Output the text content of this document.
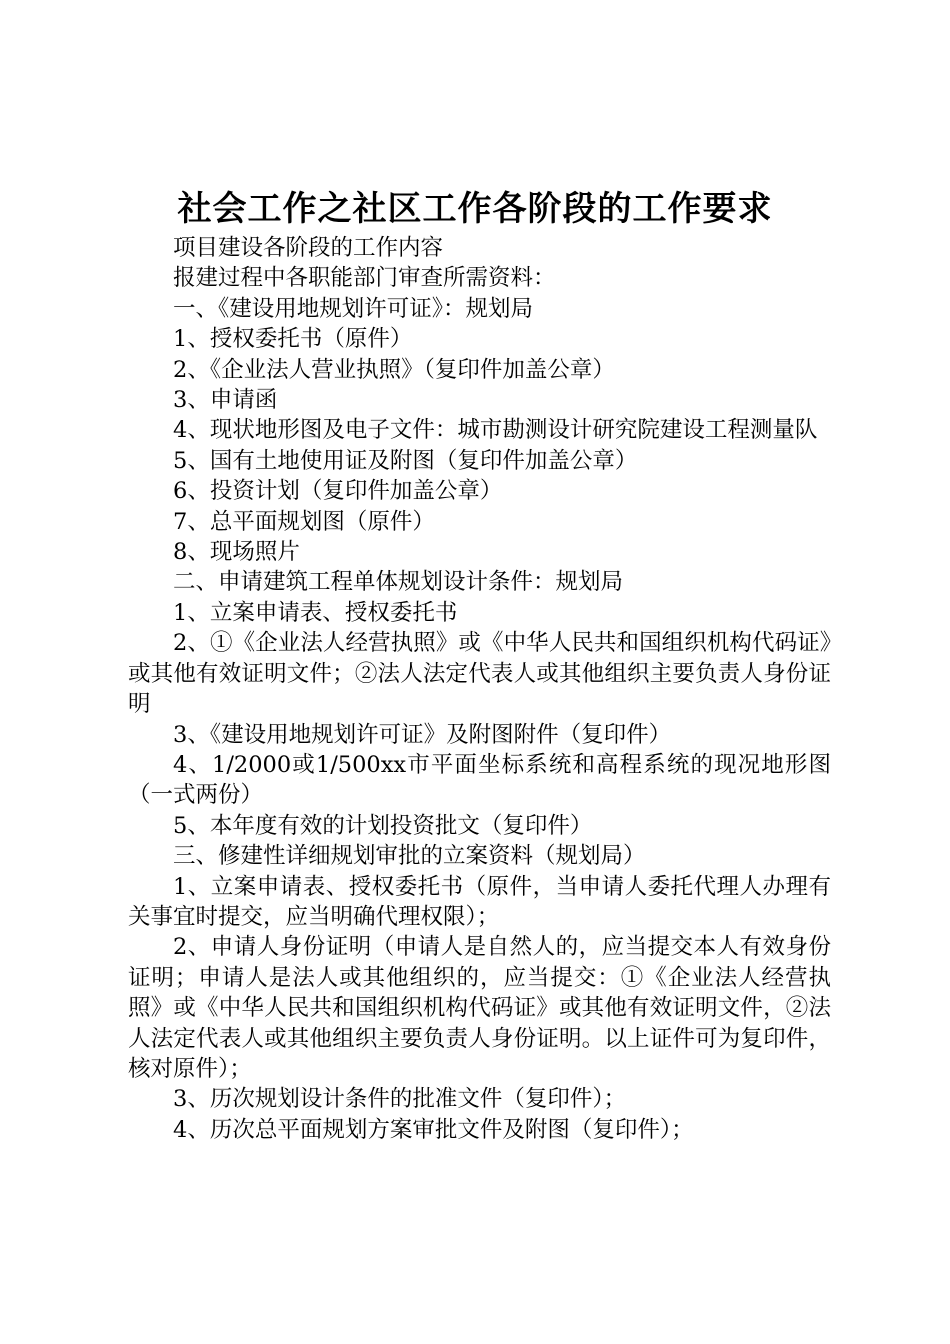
社会工作之社区工作各阶段的工作要求

项目建设各阶段的工作内容

报建过程中各职能部门审查所需资料：

一、《建设用地规划许可证》：规划局

1、授权委托书（原件）

2、《企业法人营业执照》（复印件加盖公章）

3、申请函

4、现状地形图及电子文件：城市勘测设计研究院建设工程测量队

5、国有土地使用证及附图（复印件加盖公章）

6、投资计划（复印件加盖公章）

7、总平面规划图（原件）

8、现场照片

二、申请建筑工程单体规划设计条件：规划局

1、立案申请表、授权委托书

2、①《企业法人经营执照》或《中华人民共和国组织机构代码证》或其他有效证明文件；②法人法定代表人或其他组织主要负责人身份证明

3、《建设用地规划许可证》及附图附件（复印件）

4、1/2000或1/500xx市平面坐标系统和高程系统的现况地形图（一式两份）

5、本年度有效的计划投资批文（复印件）

三、修建性详细规划审批的立案资料（规划局）

1、立案申请表、授权委托书（原件，当申请人委托代理人办理有关事宜时提交，应当明确代理权限）；

2、申请人身份证明（申请人是自然人的，应当提交本人有效身份证明；申请人是法人或其他组织的，应当提交：①《企业法人经营执照》或《中华人民共和国组织机构代码证》或其他有效证明文件，②法人法定代表人或其他组织主要负责人身份证明。以上证件可为复印件，核对原件）；

3、历次规划设计条件的批准文件（复印件）；

4、历次总平面规划方案审批文件及附图（复印件）；
